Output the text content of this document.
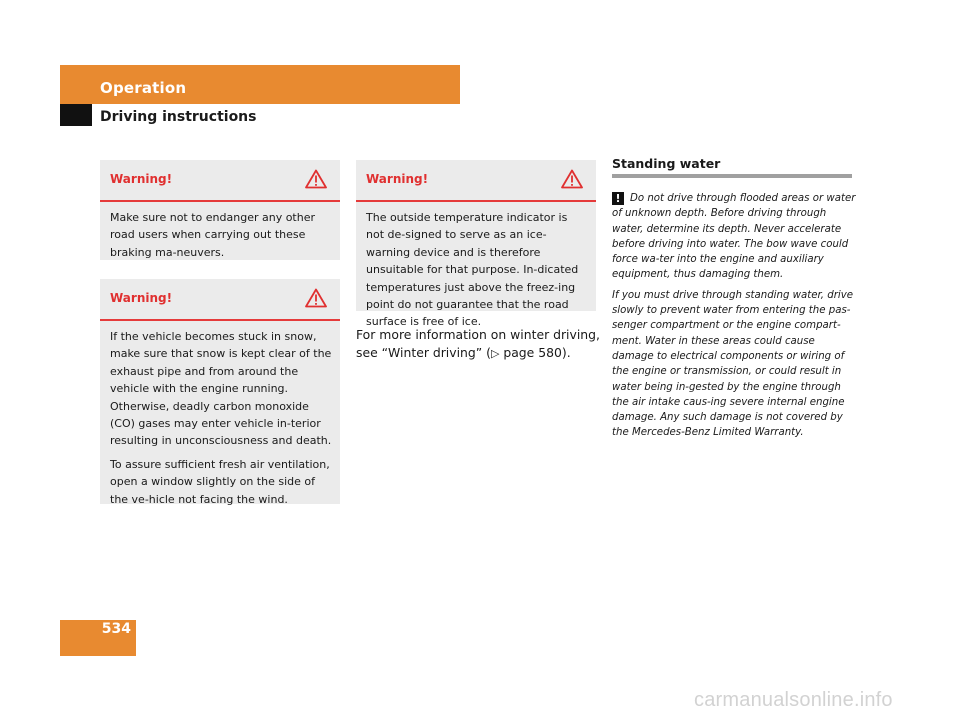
Operation
Driving instructions
Warning!

Make sure not to endanger any other road users when carrying out these braking ma-neuvers.

Warning!

If the vehicle becomes stuck in snow, make sure that snow is kept clear of the exhaust pipe and from around the vehicle with the engine running. Otherwise, deadly carbon monoxide (CO) gases may enter vehicle in-terior resulting in unconsciousness and death.

To assure sufficient fresh air ventilation, open a window slightly on the side of the ve-hicle not facing the wind.

Warning!

The outside temperature indicator is not de-signed to serve as an ice-warning device and is therefore unsuitable for that purpose. In-dicated temperatures just above the freez-ing point do not guarantee that the road surface is free of ice.

For more information on winter driving, see “Winter driving” (▷ page 580).
Standing water

! Do not drive through flooded areas or water of unknown depth. Before driving through water, determine its depth. Never accelerate before driving into water. The bow wave could force wa-ter into the engine and auxiliary equipment, thus damaging them.

If you must drive through standing water, drive slowly to prevent water from entering the pas-senger compartment or the engine compart-ment. Water in these areas could cause damage to electrical components or wiring of the engine or transmission, or could result in water being in-gested by the engine through the air intake caus-ing severe internal engine damage. Any such damage is not covered by the Mercedes-Benz Limited Warranty.

534
carmanualsonline.info
